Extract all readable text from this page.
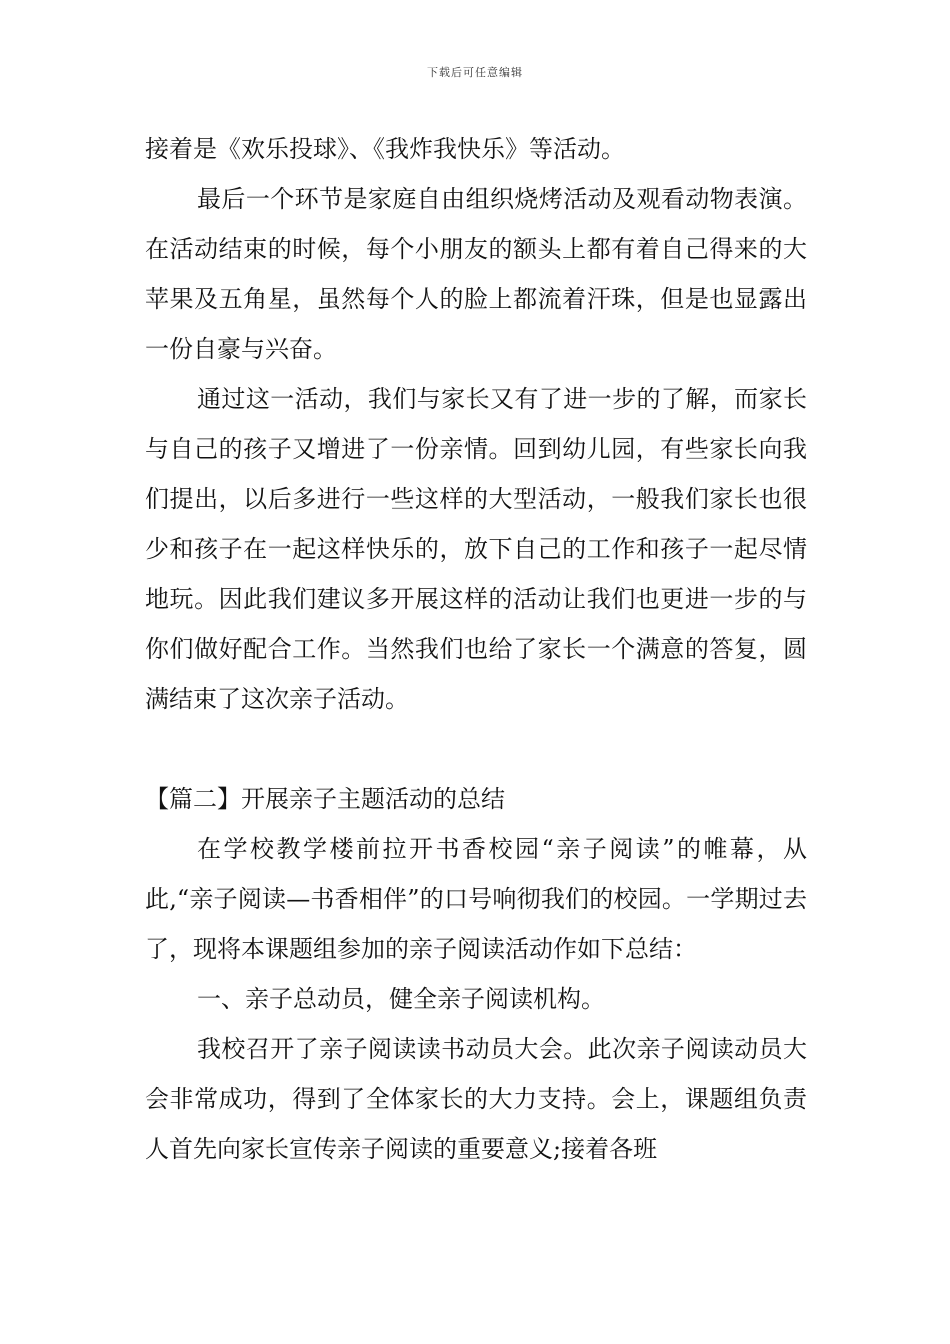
下载后可任意编辑

接着是《欢乐投球》、《我炸我快乐》等活动。

最后一个环节是家庭自由组织烧烤活动及观看动物表演。在活动结束的时候，每个小朋友的额头上都有着自己得来的大苹果及五角星，虽然每个人的脸上都流着汗珠，但是也显露出一份自豪与兴奋。

通过这一活动，我们与家长又有了进一步的了解，而家长与自己的孩子又增进了一份亲情。回到幼儿园，有些家长向我们提出，以后多进行一些这样的大型活动，一般我们家长也很少和孩子在一起这样快乐的，放下自己的工作和孩子一起尽情地玩。因此我们建议多开展这样的活动让我们也更进一步的与你们做好配合工作。当然我们也给了家长一个满意的答复，圆满结束了这次亲子活动。

【篇二】开展亲子主题活动的总结

在学校教学楼前拉开书香校园“亲子阅读”的帷幕，从此,“亲子阅读—书香相伴”的口号响彻我们的校园。一学期过去了，现将本课题组参加的亲子阅读活动作如下总结：

一、亲子总动员，健全亲子阅读机构。

我校召开了亲子阅读读书动员大会。此次亲子阅读动员大会非常成功，得到了全体家长的大力支持。会上，课题组负责人首先向家长宣传亲子阅读的重要意义;接着各班
